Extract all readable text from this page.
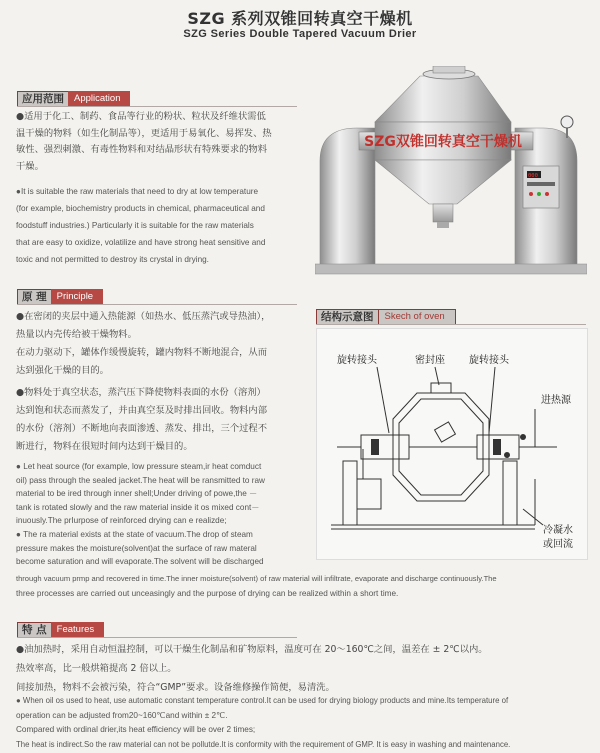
SZG 系列双锥回转真空干燥机
SZG Series Double Tapered Vacuum Drier
应用范围	Application
●适用于化工、制药、食品等行业的粉状、粒状及纤维状需低
温干燥的物料（如生化制品等），更适用于易氧化、易挥发、热
敏性、强烈刺激、有毒性物料和对结晶形状有特殊要求的物料
干燥。
●It is suitable the raw materials that need to dry at low temperature
(for example, biochemistry products in chemical, pharmaceutical and
foodstuff industries.) Particularly it is suitable for the raw materials
that are easy to oxidize, volatilize and have strong heat sensitive and
toxic and not permitted to destroy its crystal in drying.
原 理	Principle
●在密闭的夹层中通入热能源（如热水、低压蒸汽或导热油），
热量以内壳传给被干燥物料。
在动力驱动下，罐体作缓慢旋转，罐内物料不断地混合，从而
达到强化干燥的目的。
●物料处于真空状态，蒸汽压下降使物料表面的水份（溶剂）
达到饱和状态而蒸发了，并由真空泵及时排出回收。物料内部
的水份（溶剂）不断地向表面渗透、蒸发、排出，三个过程不
断进行，物料在很短时间内达到干燥目的。
● Let heat source (for example, low pressure steam,ir heat comduct
oil) pass through the sealed jacket.The heat will be ransmitted to raw
material to be ired through inner shell;Under driving of powe,the －
tank is rotated slowly and the raw material inside it os mixed cont－
inuously.The prIurpose of reinforced drying can e realizde;
● The ra material exists at the state of vacuum.The drop of steam
pressure makes the moisture(solvent)at the surface of raw materal
become saturation and will evaporate.The solvent will be discharged
through vacuum prmp and recovered in time.The inner moisture(solvent) of raw material will infiltrate, evaporate and discharge continuously.The
three processes are carried out unceasingly and the purpose of drying can be realized within a short time.
000
SZG双锥回转真空干燥机
结构示意图	Skech of oven
旋转接头	密封座 旋转接头
进热源
冷凝水
或回流
特 点	Features
●油加热时，采用自动恒温控制，可以干燥生化制品和矿物原料，温度可在 20～160℃之间，温差在 ± 2℃以内。
热效率高，比一般烘箱提高 2 倍以上。
间接加热，物料不会被污染，符合“GMP”要求。设备维修操作简便，易清洗。
● When oil os used to heat, use automatic constant temperature control.It can be used for drying biology products and mine.Its temperature of
operation can be adjusted from20~160℃and within ± 2℃.
Compared with ordinal drier,its heat efficiency will be over 2 times;
The heat is indirect.So the raw material can not be pollutde.It is conformity with the requirement of GMP. It is easy in washing and maintenance.
